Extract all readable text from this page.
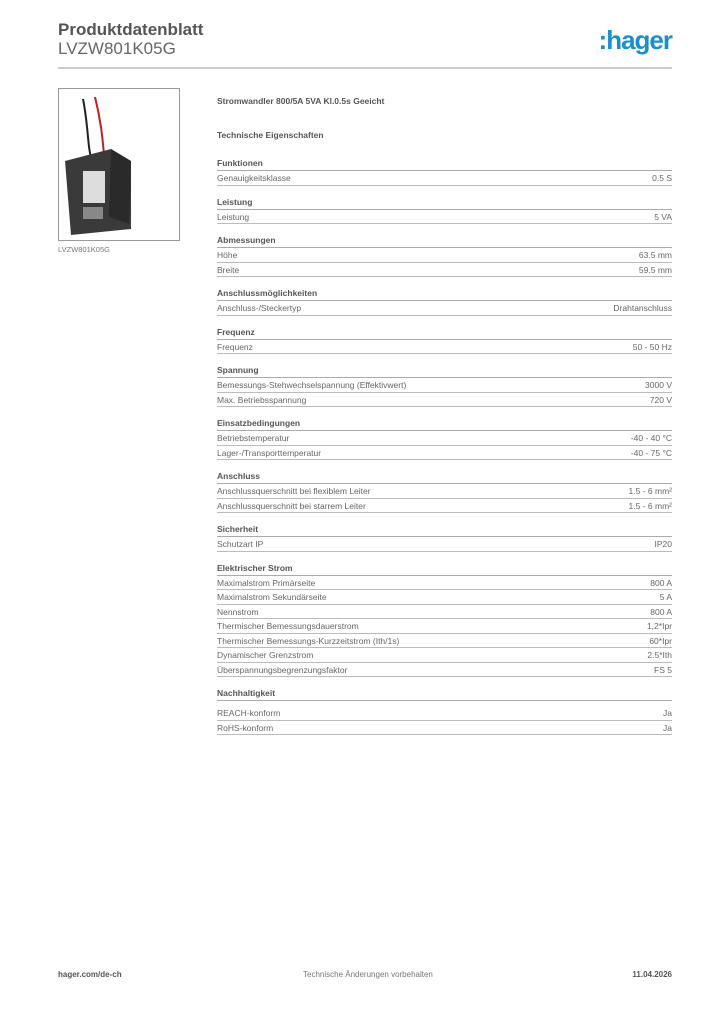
Produktdatenblatt
LVZW801K05G	:hager
LVZW801K05G
Stromwandler 800/5A 5VA Kl.0.5s Geeicht
Technische Eigenschaften
Funktionen
Genauigkeitsklasse	0.5 S
Leistung
Leistung	5 VA
Abmessungen
Höhe	63.5 mm
Breite	59.5 mm
Anschlussmöglichkeiten
Anschluss-/Steckertyp	Drahtanschluss
Frequenz
Frequenz	50 - 50 Hz
Spannung
Bemessungs-Stehwechselspannung (Effektivwert)	3000 V
Max. Betriebsspannung	720 V
Einsatzbedingungen
Betriebstemperatur	-40 - 40 °C
Lager-/Transporttemperatur	-40 - 75 °C
Anschluss
Anschlussquerschnitt bei flexiblem Leiter	1.5 - 6 mm²
Anschlussquerschnitt bei starrem Leiter	1.5 - 6 mm²
Sicherheit
Schutzart IP	IP20
Elektrischer Strom
Maximalstrom Primärseite	800 A
Maximalstrom Sekundärseite	5 A
Nennstrom	800 A
Thermischer Bemessungsdauerstrom	1,2*Ipr
Thermischer Bemessungs-Kurzzeitstrom (Ith/1s)	60*Ipr
Dynamischer Grenzstrom	2.5*Ith
Überspannungsbegrenzungsfaktor	FS 5
Nachhaltigkeit
REACH-konform	Ja
RoHS-konform	Ja
hager.com/de-ch	Technische Änderungen vorbehalten	11.04.2026
